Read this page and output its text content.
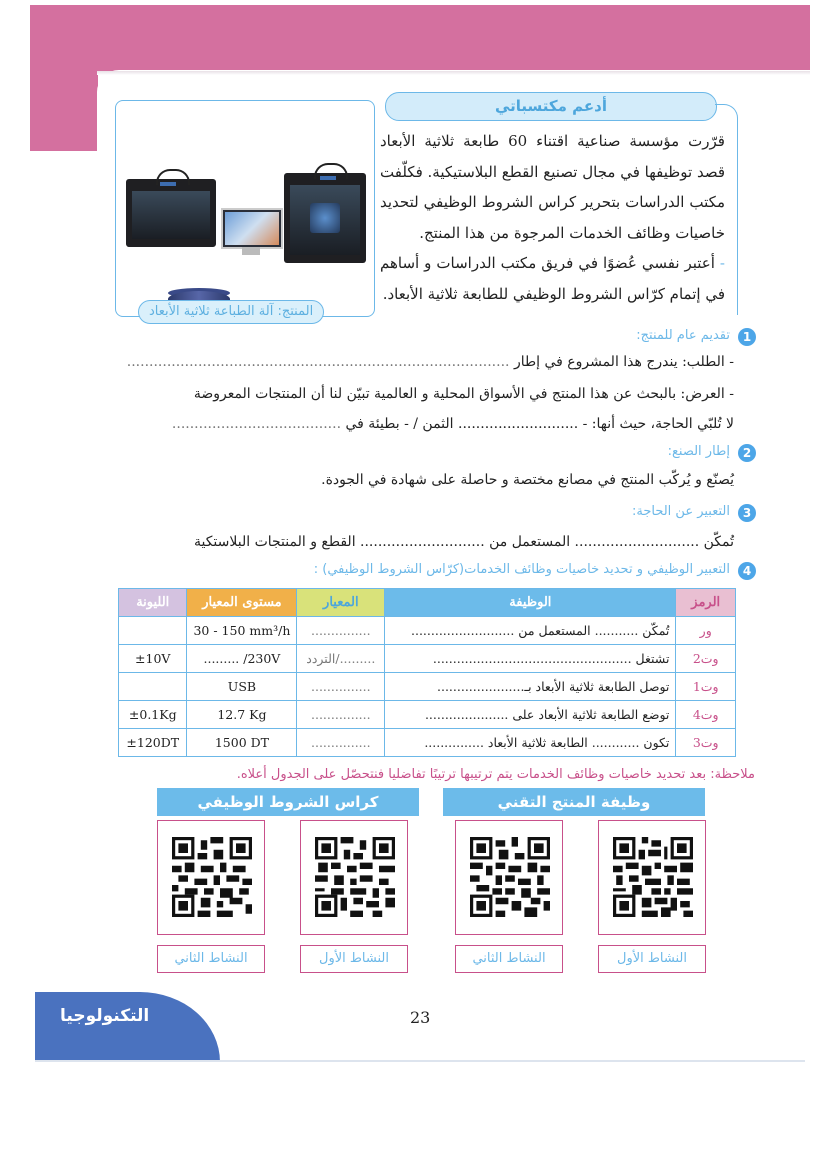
المنتج: آلة الطباعة ثلاثية الأبعاد
أدعم مكتسباتي

قرّرت مؤسسة صناعية اقتناء 60 طابعة ثلاثية الأبعاد قصد توظيفها في مجال تصنيع القطع البلاستيكية. فكلّفت مكتب الدراسات بتحرير كراس الشروط الوظيفي لتحديد خاصيات وظائف الخدمات المرجوة من هذا المنتج.

- أعتبر نفسي عُضوًا في فريق مكتب الدراسات و أساهم في إتمام كرّاس الشروط الوظيفي للطابعة ثلاثية الأبعاد.

1
تقديم عام للمنتج:
- الطلب: يندرج هذا المشروع في إطار ......................................................................................
- العرض: بالبحث عن هذا المنتج في الأسواق المحلية و العالمية تبيّن لنا أن المنتجات المعروضة
لا تُلبّي الحاجة، حيث أنها: - ........................... الثمن / - بطيئة في ......................................
2
إطار الصنع:
يُصنّع و يُركّب المنتج في مصانع مختصة و حاصلة على شهادة في الجودة.
3
التعبير عن الحاجة:
تُمكّن ............................ المستعمل من ............................ القطع و المنتجات البلاستكية
4
التعبير الوظيفي و تحديد خاصيات وظائف الخدمات(كرّاس الشروط الوظيفي) :
الرمز	الوظيفة	المعيار	مستوى المعيار	الليونة
ور	تُمكّن ........... المستعمل من ..........................	...............	30 - 150 mm³/h	
وت2	تشتغل ..................................................	........./التردد	......... /230V	±10V
وت1	توصل الطابعة ثلاثية الأبعاد بـ......................	...............	USB	
وت4	توضع الطابعة ثلاثية الأبعاد على .....................	...............	12.7 Kg	±0.1Kg
وت3	تكون ............ الطابعة ثلاثية الأبعاد ...............	...............	1500 DT	±120DT
ملاحظة: بعد تحديد خاصيات وظائف الخدمات يتم ترتيبها ترتيبًا تفاضليا فنتحصّل على الجدول أعلاه.
وظيفة المنتج التقني
كراس الشروط الوظيفي
النشاط الأول
النشاط الثاني
النشاط الأول
النشاط الثاني
التكنولوجيا	23
